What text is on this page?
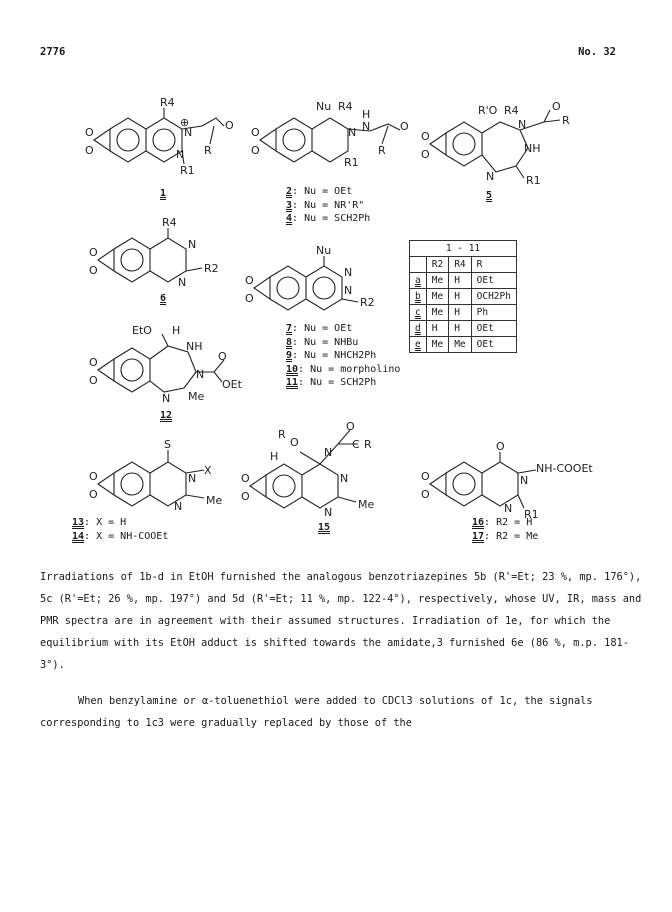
2776	No. 32
O
O
R4
⊕
N
O
R
R1
N
1
O
O
Nu R4
N
H
N	O
R
R1
2: Nu = OEt
3: Nu = NR'R"
4: Nu = SCH2Ph
O
O
R'O R4
N
O
R
NH
N	R1
5
O
O
R4
N
N
R2
6
O
O
Nu
N
N
R2
7: Nu = OEt
8: Nu = NHBu
9: Nu = NHCH2Ph
10: Nu = morpholino
11: Nu = SCH2Ph
1 - 11			
	R2	R4	R
a	Me	H	OEt
b	Me	H	OCH2Ph
c	Me	H	Ph
d	H	H	OEt
e	Me	Me	OEt
O
O
EtO H
NH
N
O
OEt
N Me
12
O
O
S
N
X
N Me
13: X = H
14: X = NH-COOEt
O
O
R
O
H	N
O
C R
N
N
Me
15
O
O
O
N
NH-COOEt
N R1
16: R2 = H
17: R2 = Me

Irradiations of 1b-d in EtOH furnished the analogous benzotriazepines 5b (R'=Et; 23 %, mp. 176°), 5c (R'=Et; 26 %, mp. 197°) and 5d (R'=Et; 11 %, mp. 122-4°), respectively, whose UV, IR, mass and PMR spectra are in agreement with their assumed structures. Irradiation of 1e, for which the equilibrium with its EtOH adduct is shifted towards the amidate,3 furnished 6e (86 %, m.p. 181-3°).

When benzylamine or α-toluenethiol were added to CDCl3 solutions of 1c, the signals corresponding to 1c3 were gradually replaced by those of the
